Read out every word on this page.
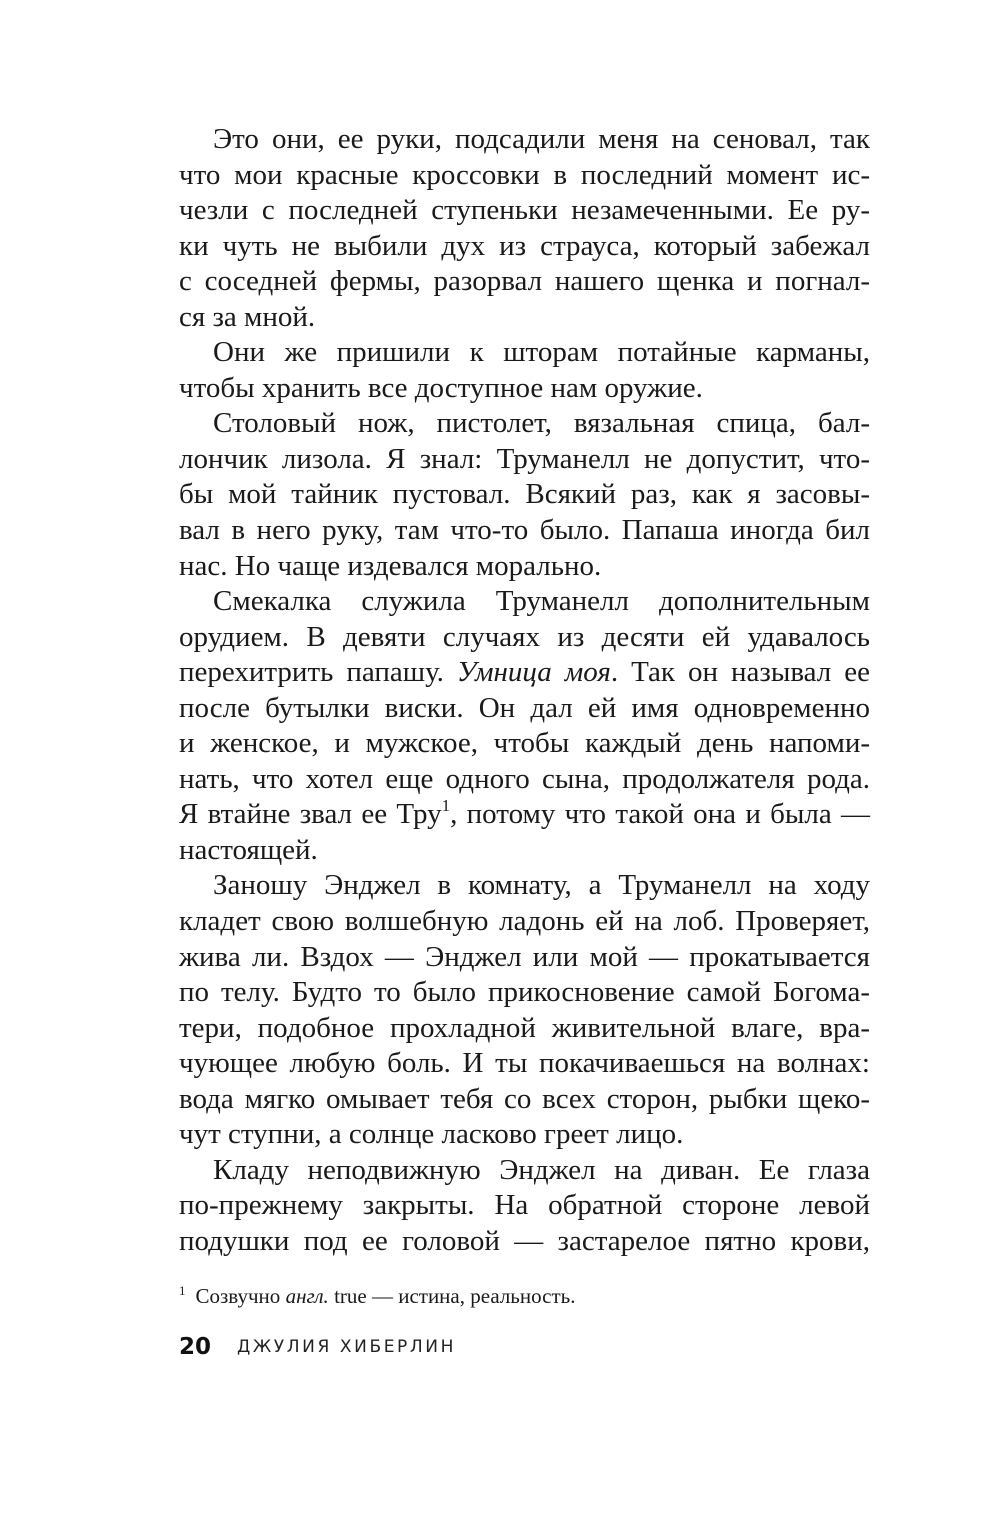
Это они, ее руки, подсадили меня на сеновал, так
что мои красные кроссовки в последний момент ис-
чезли с последней ступеньки незамеченными. Ее ру-
ки чуть не выбили дух из страуса, который забежал
с соседней фермы, разорвал нашего щенка и погнал-
ся за мной.
Они же пришили к шторам потайные карманы,
чтобы хранить все доступное нам оружие.
Столовый нож, пистолет, вязальная спица, бал-
лончик лизола. Я знал: Труманелл не допустит, что-
бы мой тайник пустовал. Всякий раз, как я засовы-
вал в него руку, там что-то было. Папаша иногда бил
нас. Но чаще издевался морально.
Смекалка служила Труманелл дополнительным
орудием. В девяти случаях из десяти ей удавалось
перехитрить папашу. Умница моя. Так он называл ее
после бутылки виски. Он дал ей имя одновременно
и женское, и мужское, чтобы каждый день напоми-
нать, что хотел еще одного сына, продолжателя рода.
Я втайне звал ее Тру$^1$, потому что такой она и была —
настоящей.
Заношу Энджел в комнату, а Труманелл на ходу
кладет свою волшебную ладонь ей на лоб. Проверяет,
жива ли. Вздох — Энджел или мой — прокатывается
по телу. Будто то было прикосновение самой Богома-
тери, подобное прохладной живительной влаге, вра-
чующее любую боль. И ты покачиваешься на волнах:
вода мягко омывает тебя со всех сторон, рыбки щеко-
чут ступни, а солнце ласково греет лицо.
Кладу неподвижную Энджел на диван. Ее глаза
по-прежнему закрыты. На обратной стороне левой
подушки под ее головой — застарелое пятно крови,
$^1$ Созвучно англ. true — истина, реальность.
20 ДЖУЛИЯ ХИБЕРЛИН
